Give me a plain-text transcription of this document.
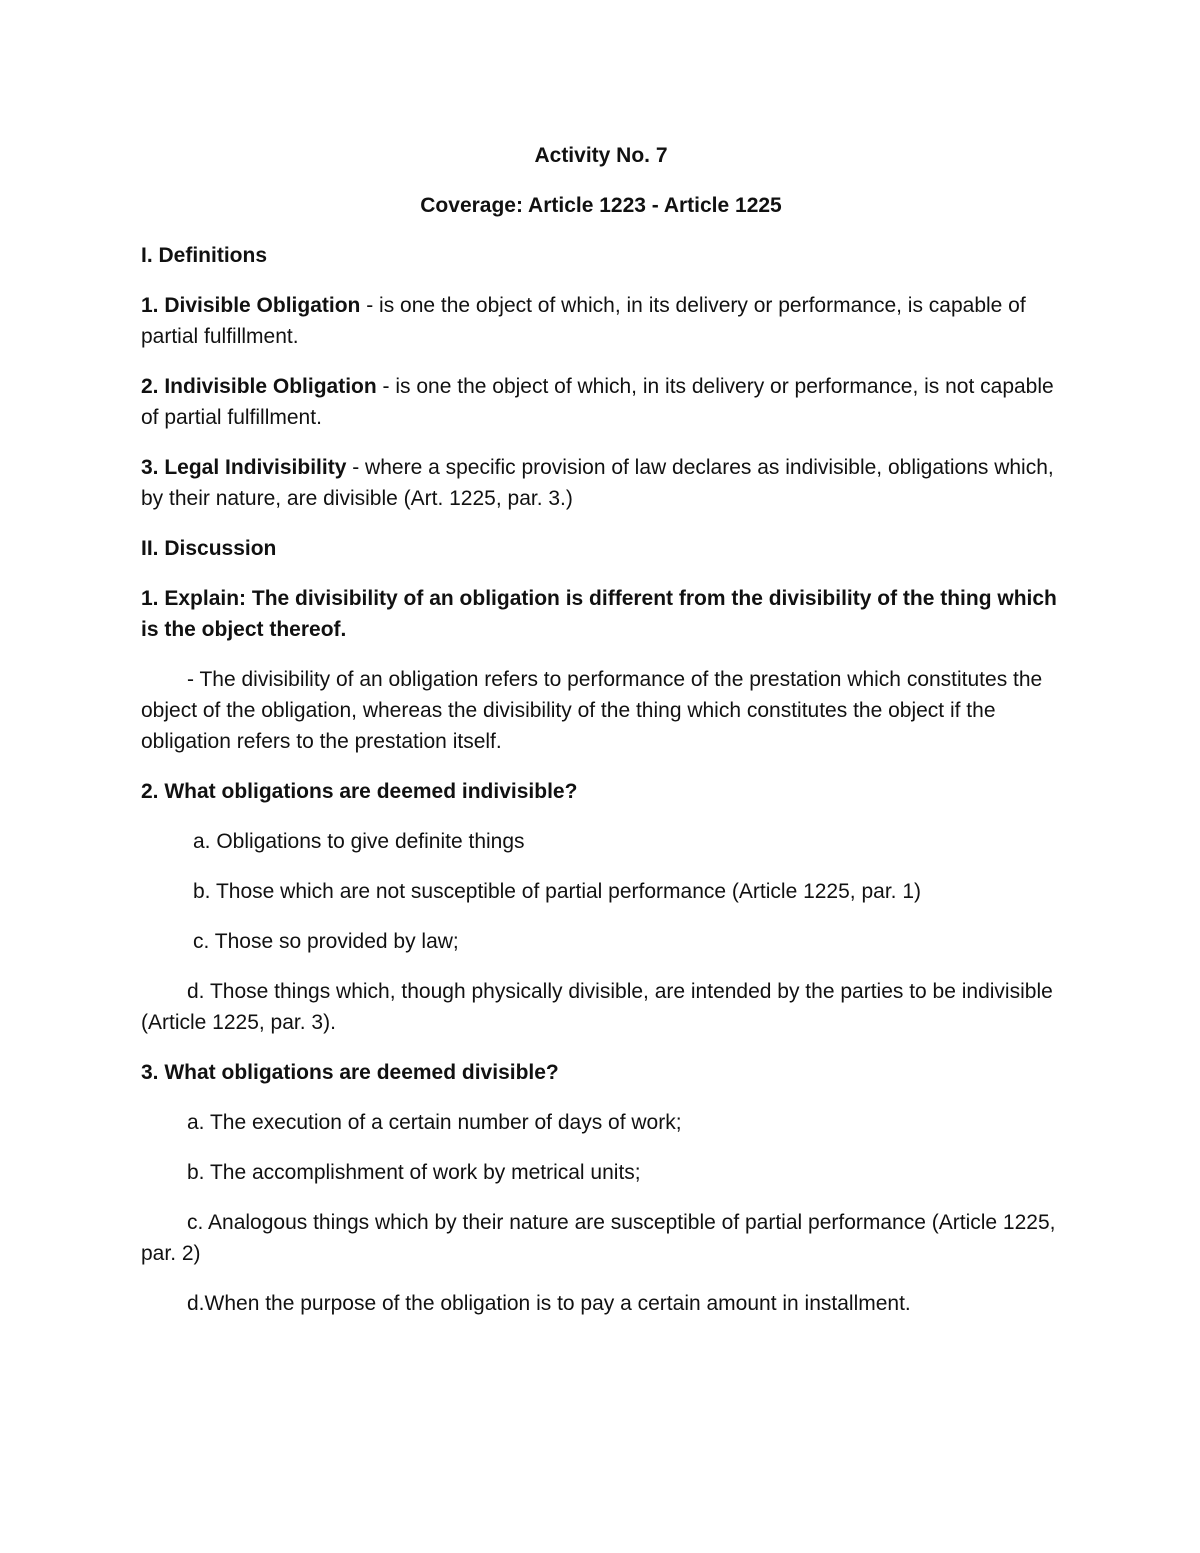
Activity No. 7

Coverage: Article 1223 - Article 1225

I. Definitions

1. Divisible Obligation - is one the object of which, in its delivery or performance, is capable of partial fulfillment.

2. Indivisible Obligation - is one the object of which, in its delivery or performance, is not capable of partial fulfillment.

3. Legal Indivisibility - where a specific provision of law declares as indivisible, obligations which, by their nature, are divisible (Art. 1225, par. 3.)

II. Discussion

1. Explain: The divisibility of an obligation is different from the divisibility of the thing which is the object thereof.

- The divisibility of an obligation refers to performance of the prestation which constitutes the object of the obligation, whereas the divisibility of the thing which constitutes the object if the obligation refers to the prestation itself.

2. What obligations are deemed indivisible?

a. Obligations to give definite things

b. Those which are not susceptible of partial performance (Article 1225, par. 1)

c. Those so provided by law;

d. Those things which, though physically divisible, are intended by the parties to be indivisible (Article 1225, par. 3).

3. What obligations are deemed divisible?

a. The execution of a certain number of days of work;

b. The accomplishment of work by metrical units;

c. Analogous things which by their nature are susceptible of partial performance (Article 1225, par. 2)

d.When the purpose of the obligation is to pay a certain amount in installment.
